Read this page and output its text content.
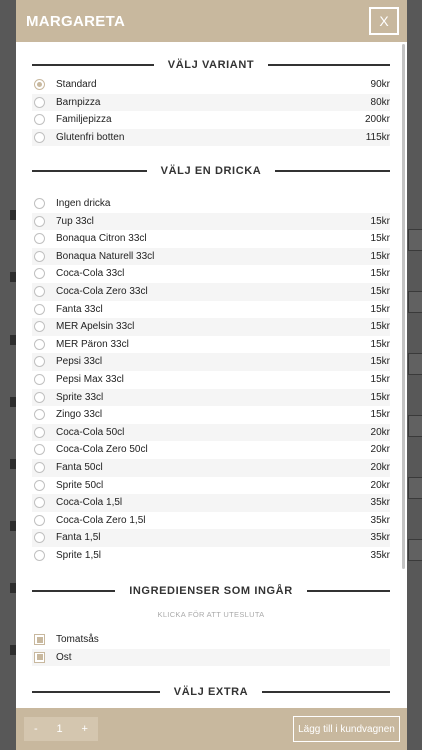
MARGARETA	X
VÄLJ VARIANT
Standard	90kr
Barnpizza	80kr
Familjepizza	200kr
Glutenfri botten	115kr
VÄLJ EN DRICKA
Ingen dricka
7up 33cl	15kr
Bonaqua Citron 33cl	15kr
Bonaqua Naturell 33cl	15kr
Coca-Cola 33cl	15kr
Coca-Cola Zero 33cl	15kr
Fanta 33cl	15kr
MER Apelsin 33cl	15kr
MER Päron 33cl	15kr
Pepsi 33cl	15kr
Pepsi Max 33cl	15kr
Sprite 33cl	15kr
Zingo 33cl	15kr
Coca-Cola 50cl	20kr
Coca-Cola Zero 50cl	20kr
Fanta 50cl	20kr
Sprite 50cl	20kr
Coca-Cola 1,5l	35kr
Coca-Cola Zero 1,5l	35kr
Fanta 1,5l	35kr
Sprite 1,5l	35kr
INGREDIENSER SOM INGÅR
KLICKA FÖR ATT UTESLUTA
Tomatsås
Ost
VÄLJ EXTRA
- 1 +	Lägg till i kundvagnen
